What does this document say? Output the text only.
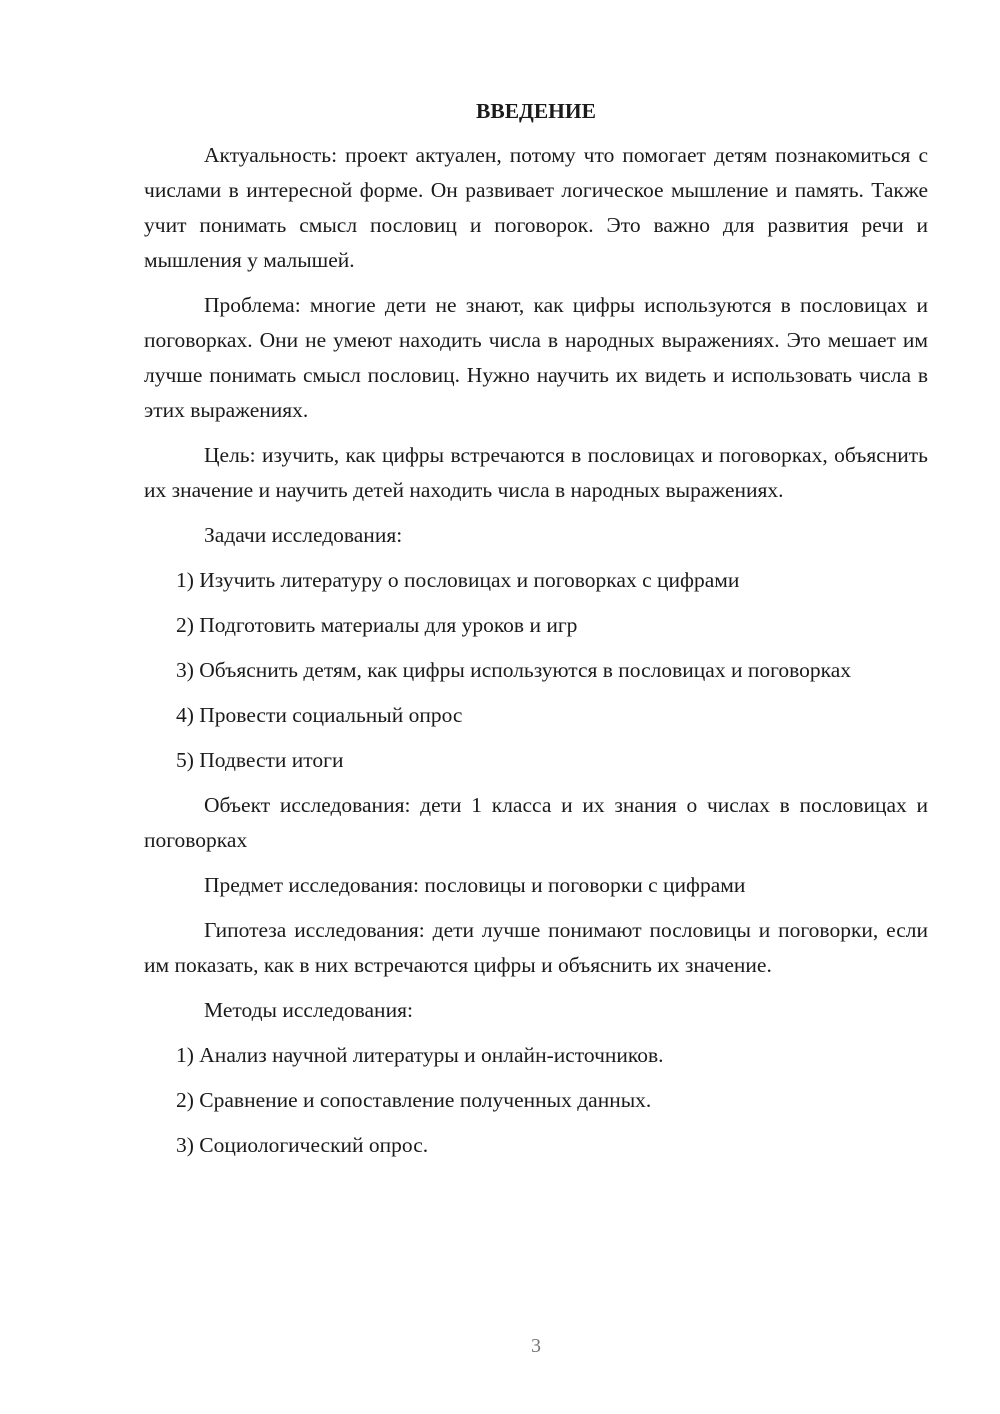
ВВЕДЕНИЕ

Актуальность: проект актуален, потому что помогает детям познакомиться с числами в интересной форме. Он развивает логическое мышление и память. Также учит понимать смысл пословиц и поговорок. Это важно для развития речи и мышления у малышей.

Проблема: многие дети не знают, как цифры используются в пословицах и поговорках. Они не умеют находить числа в народных выражениях. Это мешает им лучше понимать смысл пословиц. Нужно научить их видеть и использовать числа в этих выражениях.

Цель: изучить, как цифры встречаются в пословицах и поговорках, объяснить их значение и научить детей находить числа в народных выражениях.

Задачи исследования:

1) Изучить литературу о пословицах и поговорках с цифрами

2) Подготовить материалы для уроков и игр

3) Объяснить детям, как цифры используются в пословицах и поговорках

4) Провести социальный опрос

5) Подвести итоги

Объект исследования: дети 1 класса и их знания о числах в пословицах и поговорках

Предмет исследования: пословицы и поговорки с цифрами

Гипотеза исследования: дети лучше понимают пословицы и поговорки, если им показать, как в них встречаются цифры и объяснить их значение.

Методы исследования:

1) Анализ научной литературы и онлайн-источников.

2) Сравнение и сопоставление полученных данных.

3) Социологический опрос.

3
